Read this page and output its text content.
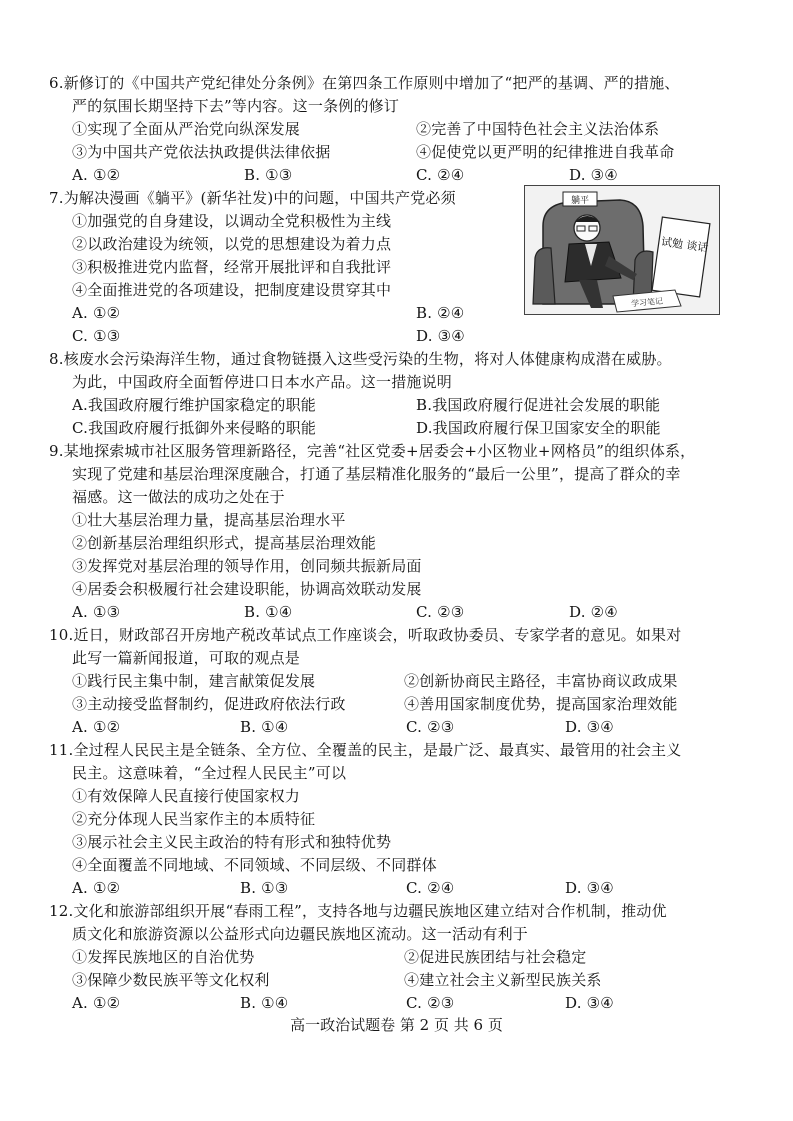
6.新修订的《中国共产党纪律处分条例》在第四条工作原则中增加了“把严的基调、严的措施、
严的氛围长期坚持下去”等内容。这一条例的修订
①实现了全面从严治党向纵深发展	②完善了中国特色社会主义法治体系
③为中国共产党依法执政提供法律依据	④促使党以更严明的纪律推进自我革命
A. ①②	B. ①③	C. ②④	D. ③④
7.为解决漫画《躺平》(新华社发)中的问题，中国共产党必须
①加强党的自身建设，以调动全党积极性为主线
②以政治建设为统领，以党的思想建设为着力点
③积极推进党内监督，经常开展批评和自我批评
④全面推进党的各项建设，把制度建设贯穿其中
A. ①②	B. ②④
C. ①③	D. ③④
躺平
试勉 谈话
学习笔记
8.核废水会污染海洋生物，通过食物链摄入这些受污染的生物，将对人体健康构成潜在威胁。
为此，中国政府全面暂停进口日本水产品。这一措施说明
A.我国政府履行维护国家稳定的职能	B.我国政府履行促进社会发展的职能
C.我国政府履行抵御外来侵略的职能	D.我国政府履行保卫国家安全的职能
9.某地探索城市社区服务管理新路径，完善“社区党委+居委会+小区物业+网格员”的组织体系，
实现了党建和基层治理深度融合，打通了基层精准化服务的“最后一公里”，提高了群众的幸
福感。这一做法的成功之处在于
①壮大基层治理力量，提高基层治理水平
②创新基层治理组织形式，提高基层治理效能
③发挥党对基层治理的领导作用，创同频共振新局面
④居委会积极履行社会建设职能，协调高效联动发展
A. ①③	B. ①④	C. ②③	D. ②④
10.近日，财政部召开房地产税改革试点工作座谈会，听取政协委员、专家学者的意见。如果对
此写一篇新闻报道，可取的观点是
①践行民主集中制，建言献策促发展	②创新协商民主路径，丰富协商议政成果
③主动接受监督制约，促进政府依法行政	④善用国家制度优势，提高国家治理效能
A. ①②	B. ①④	C. ②③	D. ③④
11.全过程人民民主是全链条、全方位、全覆盖的民主，是最广泛、最真实、最管用的社会主义
民主。这意味着，“全过程人民民主”可以
①有效保障人民直接行使国家权力
②充分体现人民当家作主的本质特征
③展示社会主义民主政治的特有形式和独特优势
④全面覆盖不同地域、不同领域、不同层级、不同群体
A. ①②	B. ①③	C. ②④	D. ③④
12.文化和旅游部组织开展“春雨工程”，支持各地与边疆民族地区建立结对合作机制，推动优
质文化和旅游资源以公益形式向边疆民族地区流动。这一活动有利于
①发挥民族地区的自治优势	②促进民族团结与社会稳定
③保障少数民族平等文化权利	④建立社会主义新型民族关系
A. ①②	B. ①④	C. ②③	D. ③④
高一政治试题卷 第 2 页 共 6 页
